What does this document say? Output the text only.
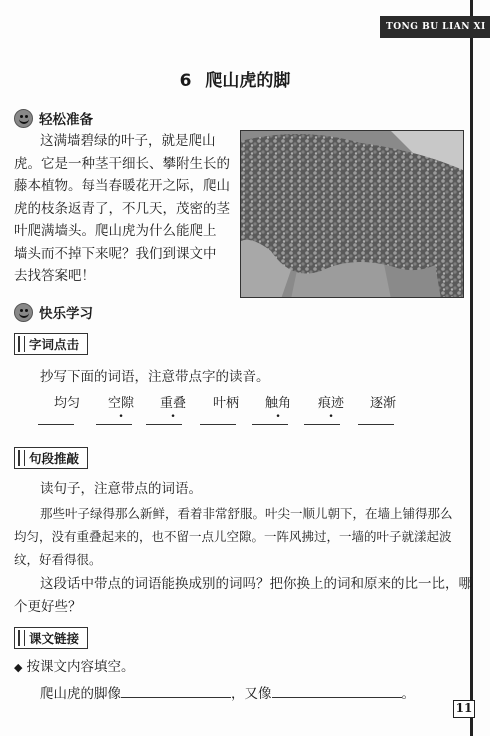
TONG BU LIAN XI
6 爬山虎的脚
轻松准备
这满墙碧绿的叶子，就是爬山
虎。它是一种茎干细长、攀附生长的
藤本植物。每当春暖花开之际，爬山
虎的枝条返青了，不几天，茂密的茎
叶爬满墙头。爬山虎为什么能爬上
墙头而不掉下来呢？我们到课文中
去找答案吧！
快乐学习
字词点击
抄写下面的词语，注意带点字的读音。
均匀	空隙	重叠	叶柄	触角	痕迹	逐渐
句段推敲
读句子，注意带点的词语。
那些叶子绿得那么新鲜，看着非常舒服。叶尖一顺儿朝下，在墙上铺得那么
均匀，没有重叠起来的，也不留一点儿空隙。一阵风拂过，一墙的叶子就漾起波
纹，好看得很。
这段话中带点的词语能换成别的词吗？把你换上的词和原来的比一比，哪
个更好些？
课文链接
◆ 按课文内容填空。
爬山虎的脚像	，又像	。
11
